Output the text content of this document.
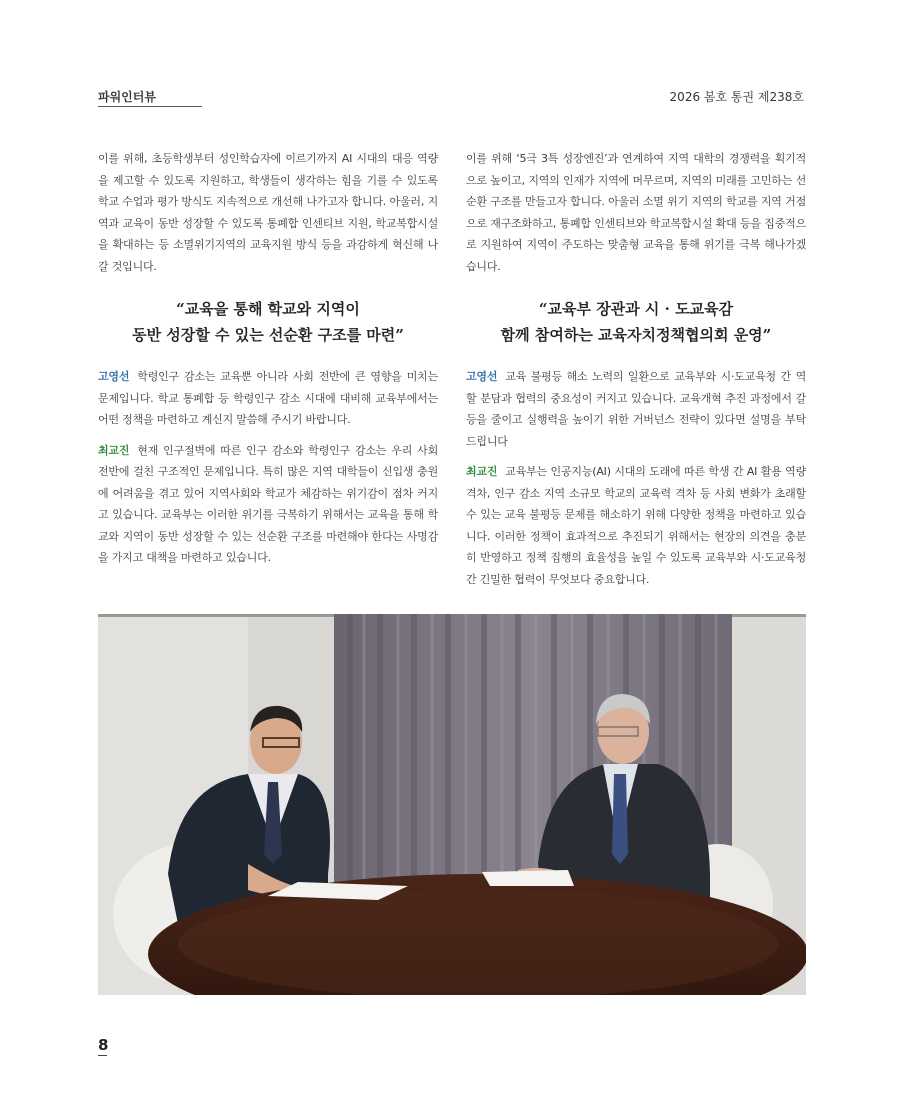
파워인터뷰	2026 봄호 통권 제238호

이를 위해, 초등학생부터 성인학습자에 이르기까지 AI 시대의 대응 역량을 제고할 수 있도록 지원하고, 학생들이 생각하는 힘을 기를 수 있도록 학교 수업과 평가 방식도 지속적으로 개선해 나가고자 합니다. 아울러, 지역과 교육이 동반 성장할 수 있도록 통폐합 인센티브 지원, 학교복합시설을 확대하는 등 소멸위기지역의 교육지원 방식 등을 과감하게 혁신해 나갈 것입니다.

“교육을 통해 학교와 지역이
동반 성장할 수 있는 선순환 구조를 마련”

고영선 학령인구 감소는 교육뿐 아니라 사회 전반에 큰 영향을 미치는 문제입니다. 학교 통폐합 등 학령인구 감소 시대에 대비해 교육부에서는 어떤 정책을 마련하고 계신지 말씀해 주시기 바랍니다.

최교진 현재 인구절벽에 따른 인구 감소와 학령인구 감소는 우리 사회 전반에 걸친 구조적인 문제입니다. 특히 많은 지역 대학들이 신입생 충원에 어려움을 겪고 있어 지역사회와 학교가 체감하는 위기감이 점차 커지고 있습니다. 교육부는 이러한 위기를 극복하기 위해서는 교육을 통해 학교와 지역이 동반 성장할 수 있는 선순환 구조를 마련해야 한다는 사명감을 가지고 대책을 마련하고 있습니다.

이를 위해 ‘5극 3특 성장엔진’과 연계하여 지역 대학의 경쟁력을 획기적으로 높이고, 지역의 인재가 지역에 머무르며, 지역의 미래를 고민하는 선순환 구조를 만들고자 합니다. 아울러 소멸 위기 지역의 학교를 지역 거점으로 재구조화하고, 통폐합 인센티브와 학교복합시설 확대 등을 집중적으로 지원하여 지역이 주도하는 맞춤형 교육을 통해 위기를 극복 해나가겠습니다.

“교육부 장관과 시 · 도교육감
함께 참여하는 교육자치정책협의회 운영”

고영선 교육 불평등 해소 노력의 일환으로 교육부와 시·도교육청 간 역할 분담과 협력의 중요성이 커지고 있습니다. 교육개혁 추진 과정에서 갈등을 줄이고 실행력을 높이기 위한 거버넌스 전략이 있다면 설명을 부탁드립니다

최교진 교육부는 인공지능(AI) 시대의 도래에 따른 학생 간 AI 활용 역량 격차, 인구 감소 지역 소규모 학교의 교육력 격차 등 사회 변화가 초래할 수 있는 교육 불평등 문제를 해소하기 위해 다양한 정책을 마련하고 있습니다. 이러한 정책이 효과적으로 추진되기 위해서는 현장의 의견을 충분히 반영하고 정책 집행의 효율성을 높일 수 있도록 교육부와 시·도교육청 간 긴밀한 협력이 무엇보다 중요합니다.

8
